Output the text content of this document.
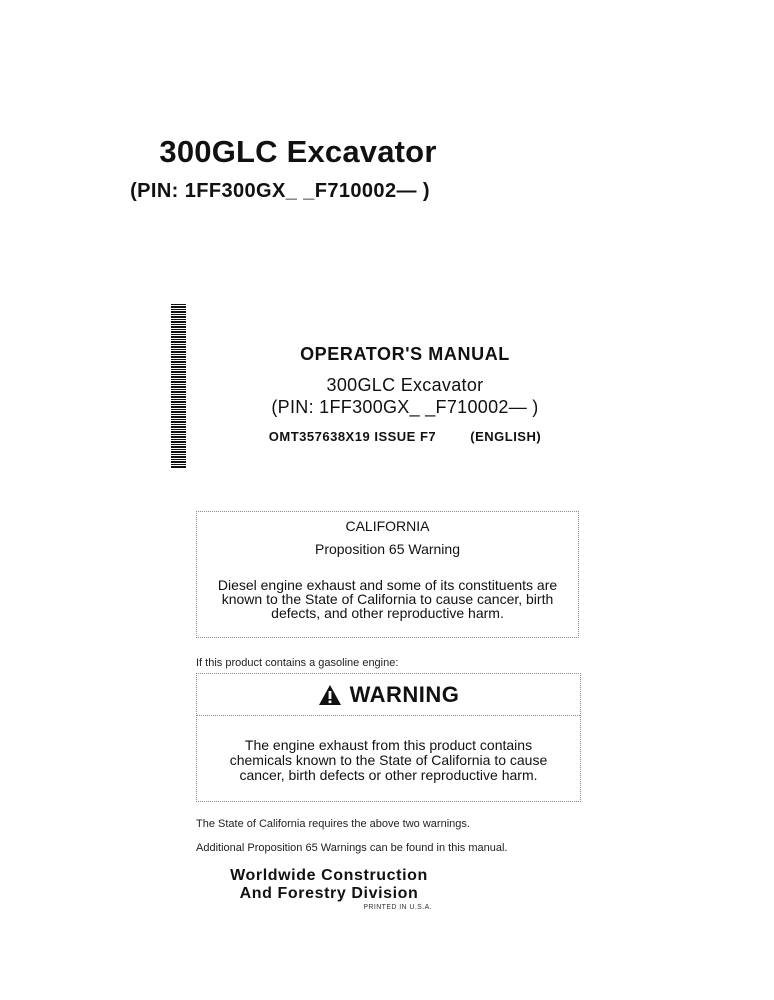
300GLC Excavator
(PIN: 1FF300GX_ _F710002— )
OPERATOR'S MANUAL
300GLC Excavator
(PIN: 1FF300GX_ _F710002— )
OMT357638X19 ISSUE F7	(ENGLISH)
CALIFORNIA
Proposition 65 Warning
Diesel engine exhaust and some of its constituents are known to the State of California to cause cancer, birth defects, and other reproductive harm.
If this product contains a gasoline engine:
WARNING
The engine exhaust from this product contains chemicals known to the State of California to cause cancer, birth defects or other reproductive harm.
The State of California requires the above two warnings.
Additional Proposition 65 Warnings can be found in this manual.
Worldwide Construction
And Forestry Division
PRINTED IN U.S.A.
